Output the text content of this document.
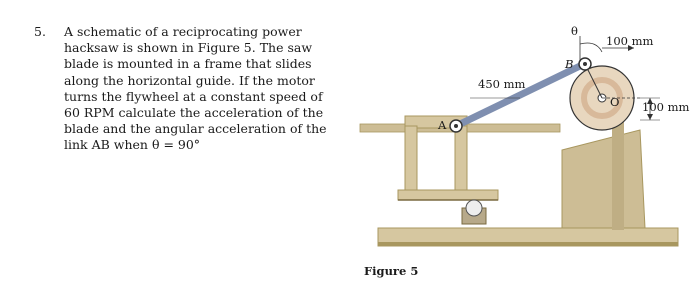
5. A schematic of a reciprocating power
hacksaw is shown in Figure 5. The saw
blade is mounted in a frame that slides
along the horizontal guide. If the motor
turns the flywheel at a constant speed of
60 RPM calculate the acceleration of the
blade and the angular acceleration of the
link AB when θ = 90°
θ
100 mm
450 mm
100 mm
A
B
O
Figure 5
